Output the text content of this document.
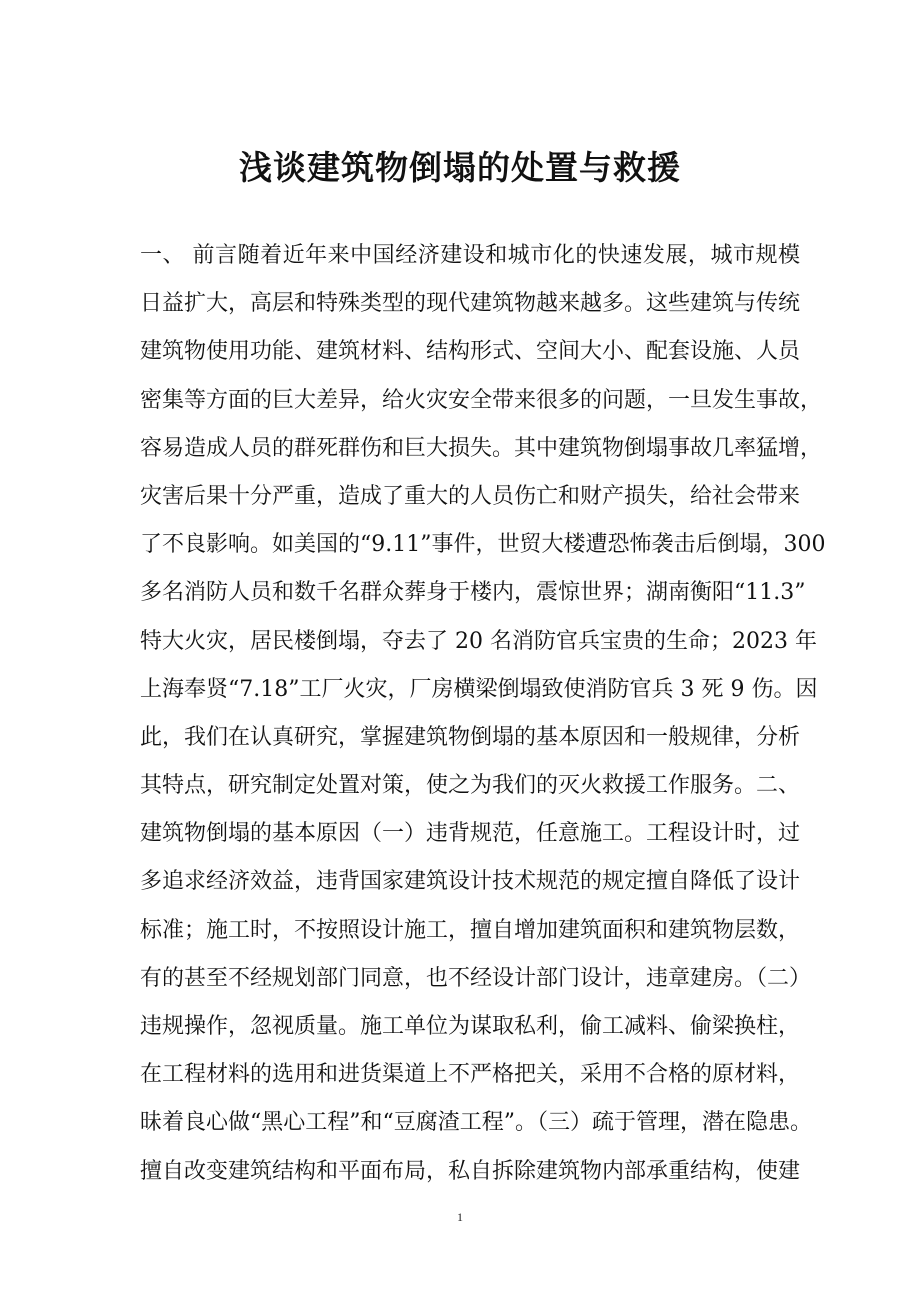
浅谈建筑物倒塌的处置与救援
一、 前言随着近年来中国经济建设和城市化的快速发展，城市规模
日益扩大，高层和特殊类型的现代建筑物越来越多。这些建筑与传统
建筑物使用功能、建筑材料、结构形式、空间大小、配套设施、人员
密集等方面的巨大差异，给火灾安全带来很多的问题，一旦发生事故，
容易造成人员的群死群伤和巨大损失。其中建筑物倒塌事故几率猛增，
灾害后果十分严重，造成了重大的人员伤亡和财产损失，给社会带来
了不良影响。如美国的“9.11”事件，世贸大楼遭恐怖袭击后倒塌，300
多名消防人员和数千名群众葬身于楼内，震惊世界；湖南衡阳“11.3”
特大火灾，居民楼倒塌，夺去了 20 名消防官兵宝贵的生命；2023 年
上海奉贤“7.18”工厂火灾，厂房横梁倒塌致使消防官兵 3 死 9 伤。因
此，我们在认真研究，掌握建筑物倒塌的基本原因和一般规律，分析
其特点，研究制定处置对策，使之为我们的灭火救援工作服务。二、
建筑物倒塌的基本原因（一）违背规范，任意施工。工程设计时，过
多追求经济效益，违背国家建筑设计技术规范的规定擅自降低了设计
标准；施工时，不按照设计施工，擅自增加建筑面积和建筑物层数，
有的甚至不经规划部门同意，也不经设计部门设计，违章建房。（二）
违规操作，忽视质量。施工单位为谋取私利，偷工减料、偷梁换柱，
在工程材料的选用和进货渠道上不严格把关，采用不合格的原材料，
昧着良心做“黑心工程”和“豆腐渣工程”。（三）疏于管理，潜在隐患。
擅自改变建筑结构和平面布局，私自拆除建筑物内部承重结构，使建
1
